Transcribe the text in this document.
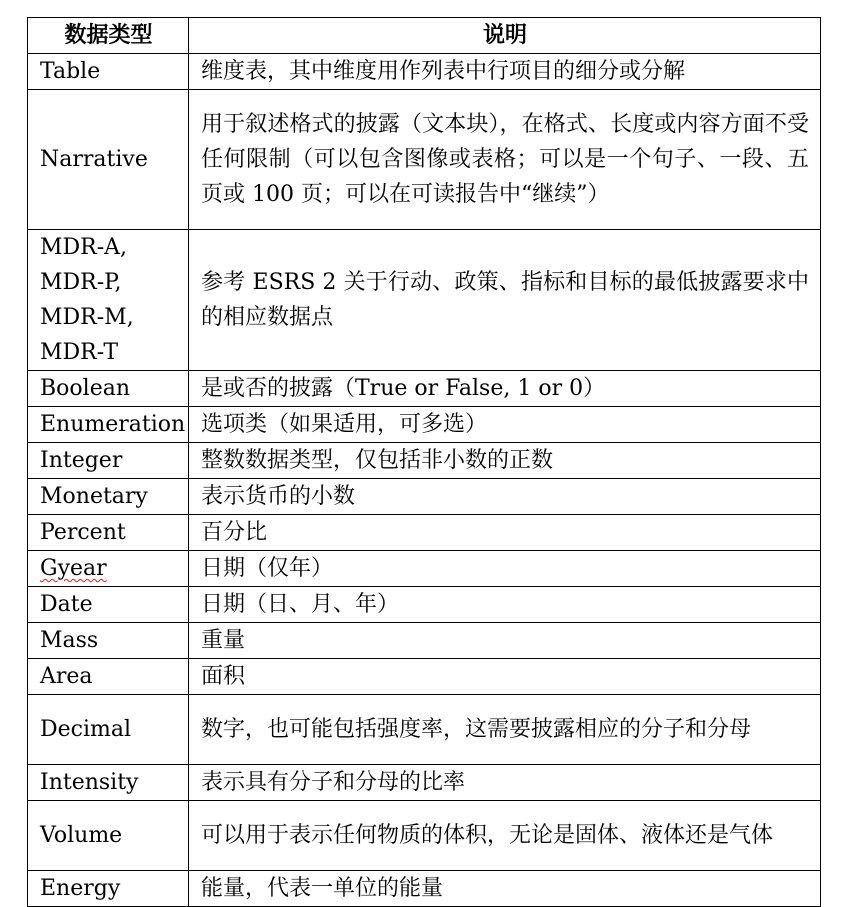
数据类型	说明
Table	维度表，其中维度用作列表中行项目的细分或分解
Narrative	用于叙述格式的披露（文本块），在格式、长度或内容方面不受任何限制（可以包含图像或表格；可以是一个句子、一段、五页或 100 页；可以在可读报告中“继续”）
MDR-A, MDR-P, MDR-M, MDR-T	参考 ESRS 2 关于行动、政策、指标和目标的最低披露要求中的相应数据点
Boolean	是或否的披露（True or False, 1 or 0）
Enumeration	选项类（如果适用，可多选）
Integer	整数数据类型，仅包括非小数的正数
Monetary	表示货币的小数
Percent	百分比
Gyear	日期（仅年）
Date	日期（日、月、年）
Mass	重量
Area	面积
Decimal	数字，也可能包括强度率，这需要披露相应的分子和分母
Intensity	表示具有分子和分母的比率
Volume	可以用于表示任何物质的体积，无论是固体、液体还是气体
Energy	能量，代表一单位的能量
